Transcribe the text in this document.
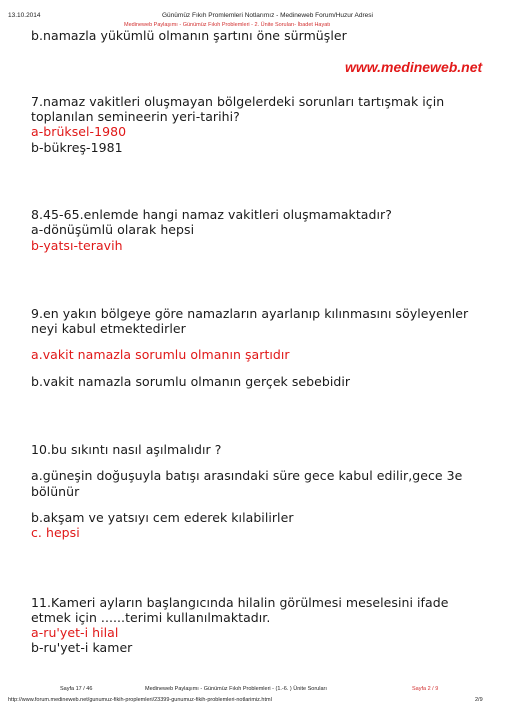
13.10.2014	Günümüz Fıkıh Promlemleri Notlarımız - Medineweb Forum/Huzur Adresi
Medineweb Paylaşımı - Günümüz Fıkıh Problemleri - 2. Ünite Soruları- İbadet Hayatı
www.medineweb.net
b.namazla yükümlü olmanın şartını öne sürmüşler
7.namaz vakitleri oluşmayan bölgelerdeki sorunları tartışmak için
toplanılan semineerin yeri-tarihi?
a-brüksel-1980
b-bükreş-1981
8.45-65.enlemde hangi namaz vakitleri oluşmamaktadır?
a-dönüşümlü olarak hepsi
b-yatsı-teravih
9.en yakın bölgeye göre namazların ayarlanıp kılınmasını söyleyenler
neyi kabul etmektedirler
a.vakit namazla sorumlu olmanın şartıdır
b.vakit namazla sorumlu olmanın gerçek sebebidir
10.bu sıkıntı nasıl aşılmalıdır ?
a.güneşin doğuşuyla batışı arasındaki süre gece kabul edilir,gece 3e
bölünür
b.akşam ve yatsıyı cem ederek kılabilirler
c. hepsi
11.Kameri ayların başlangıcında hilalin görülmesi meselesini ifade
etmek için ......terimi kullanılmaktadır.
a-ru'yet-i hilal
b-ru'yet-i kamer
Sayfa 17 / 46	Medineweb Paylaşımı - Günümüz Fıkıh Problemleri - (1.-6. ) Ünite Soruları	Sayfa 2 / 9
http://www.forum.medineweb.net/gunumuz-fikih-proplemleri/23399-gunumuz-fikih-problemleri-notlarimiz.html	2/9
